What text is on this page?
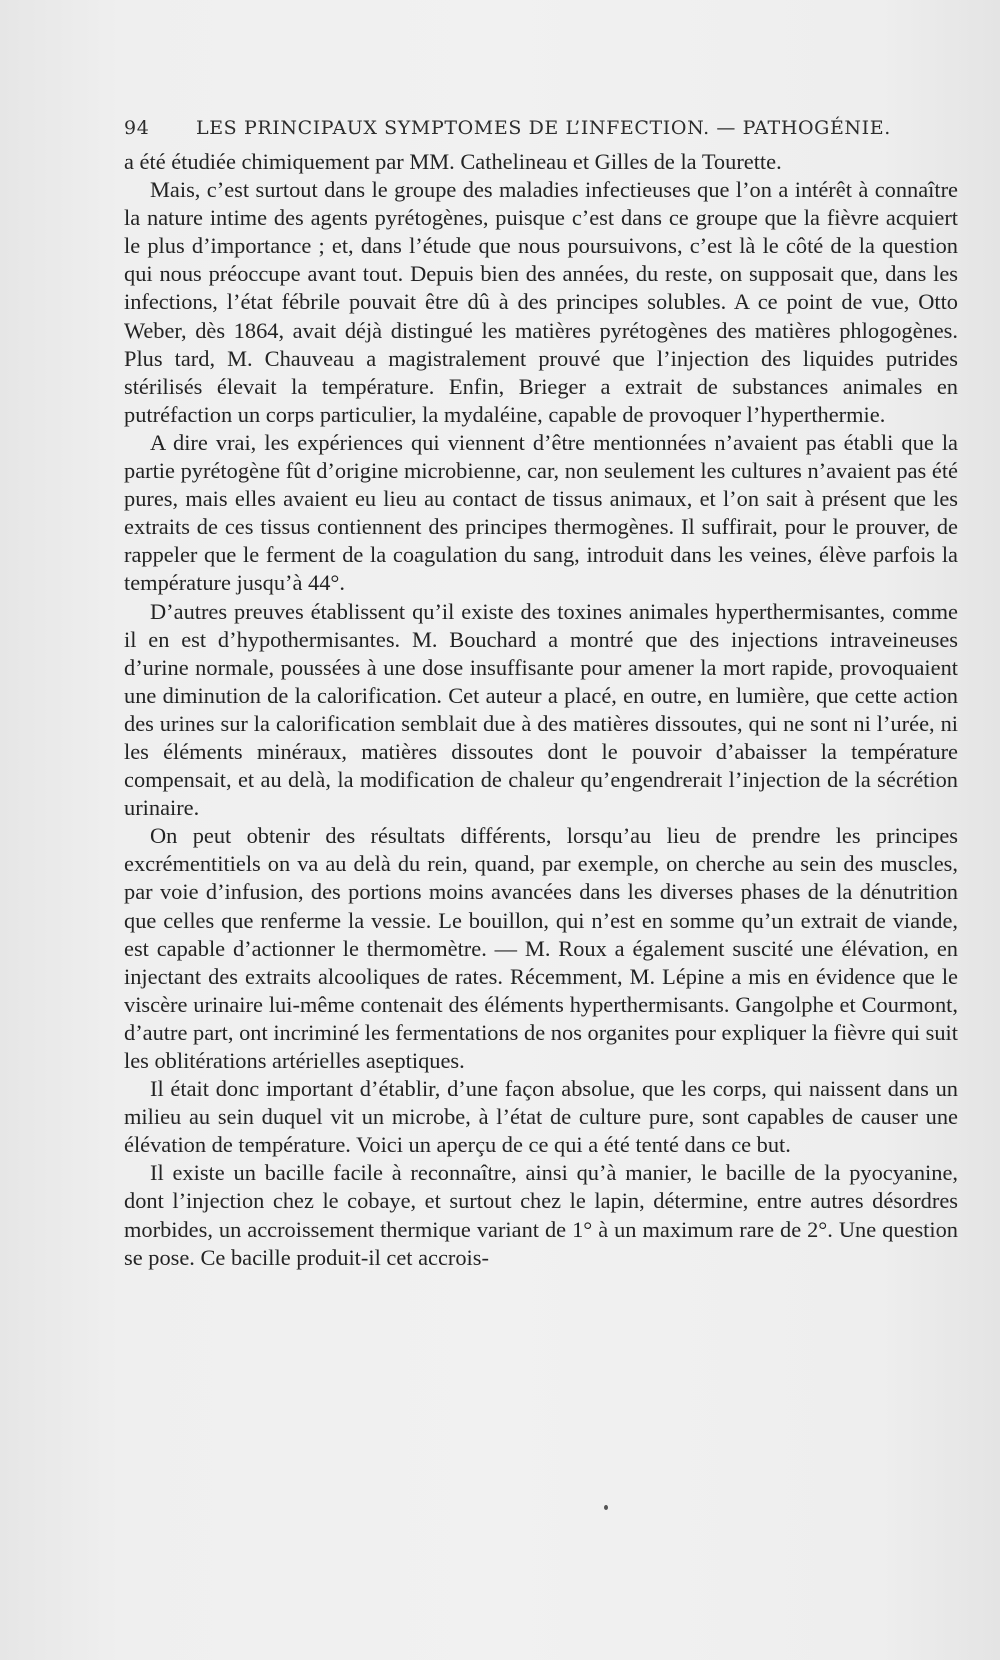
94 LES PRINCIPAUX SYMPTOMES DE L’INFECTION. — PATHOGÉNIE.

a été étudiée chimiquement par MM. Cathelineau et Gilles de la Tourette.

Mais, c’est surtout dans le groupe des maladies infectieuses que l’on a intérêt à connaître la nature intime des agents pyrétogènes, puisque c’est dans ce groupe que la fièvre acquiert le plus d’importance ; et, dans l’étude que nous poursuivons, c’est là le côté de la question qui nous préoccupe avant tout. Depuis bien des années, du reste, on supposait que, dans les infections, l’état fébrile pouvait être dû à des principes solubles. A ce point de vue, Otto Weber, dès 1864, avait déjà distingué les matières pyrétogènes des matières phlogogènes. Plus tard, M. Chauveau a magistralement prouvé que l’injection des liquides putrides stérilisés élevait la température. Enfin, Brieger a extrait de substances animales en putréfaction un corps particulier, la mydaléine, capable de provoquer l’hyperthermie.

A dire vrai, les expériences qui viennent d’être mentionnées n’avaient pas établi que la partie pyrétogène fût d’origine microbienne, car, non seulement les cultures n’avaient pas été pures, mais elles avaient eu lieu au contact de tissus animaux, et l’on sait à présent que les extraits de ces tissus contiennent des principes thermogènes. Il suffirait, pour le prouver, de rappeler que le ferment de la coagulation du sang, introduit dans les veines, élève parfois la température jusqu’à 44°.

D’autres preuves établissent qu’il existe des toxines animales hyperthermisantes, comme il en est d’hypothermisantes. M. Bouchard a montré que des injections intraveineuses d’urine normale, poussées à une dose insuffisante pour amener la mort rapide, provoquaient une diminution de la calorification. Cet auteur a placé, en outre, en lumière, que cette action des urines sur la calorification semblait due à des matières dissoutes, qui ne sont ni l’urée, ni les éléments minéraux, matières dissoutes dont le pouvoir d’abaisser la température compensait, et au delà, la modification de chaleur qu’engendrerait l’injection de la sécrétion urinaire.

On peut obtenir des résultats différents, lorsqu’au lieu de prendre les principes excrémentitiels on va au delà du rein, quand, par exemple, on cherche au sein des muscles, par voie d’infusion, des portions moins avancées dans les diverses phases de la dénutrition que celles que renferme la vessie. Le bouillon, qui n’est en somme qu’un extrait de viande, est capable d’actionner le thermomètre. — M. Roux a également suscité une élévation, en injectant des extraits alcooliques de rates. Récemment, M. Lépine a mis en évidence que le viscère urinaire lui-même contenait des éléments hyperthermisants. Gangolphe et Courmont, d’autre part, ont incriminé les fermentations de nos organites pour expliquer la fièvre qui suit les oblitérations artérielles aseptiques.

Il était donc important d’établir, d’une façon absolue, que les corps, qui naissent dans un milieu au sein duquel vit un microbe, à l’état de culture pure, sont capables de causer une élévation de température. Voici un aperçu de ce qui a été tenté dans ce but.

Il existe un bacille facile à reconnaître, ainsi qu’à manier, le bacille de la pyocyanine, dont l’injection chez le cobaye, et surtout chez le lapin, détermine, entre autres désordres morbides, un accroissement thermique variant de 1° à un maximum rare de 2°. Une question se pose. Ce bacille produit-il cet accrois-
